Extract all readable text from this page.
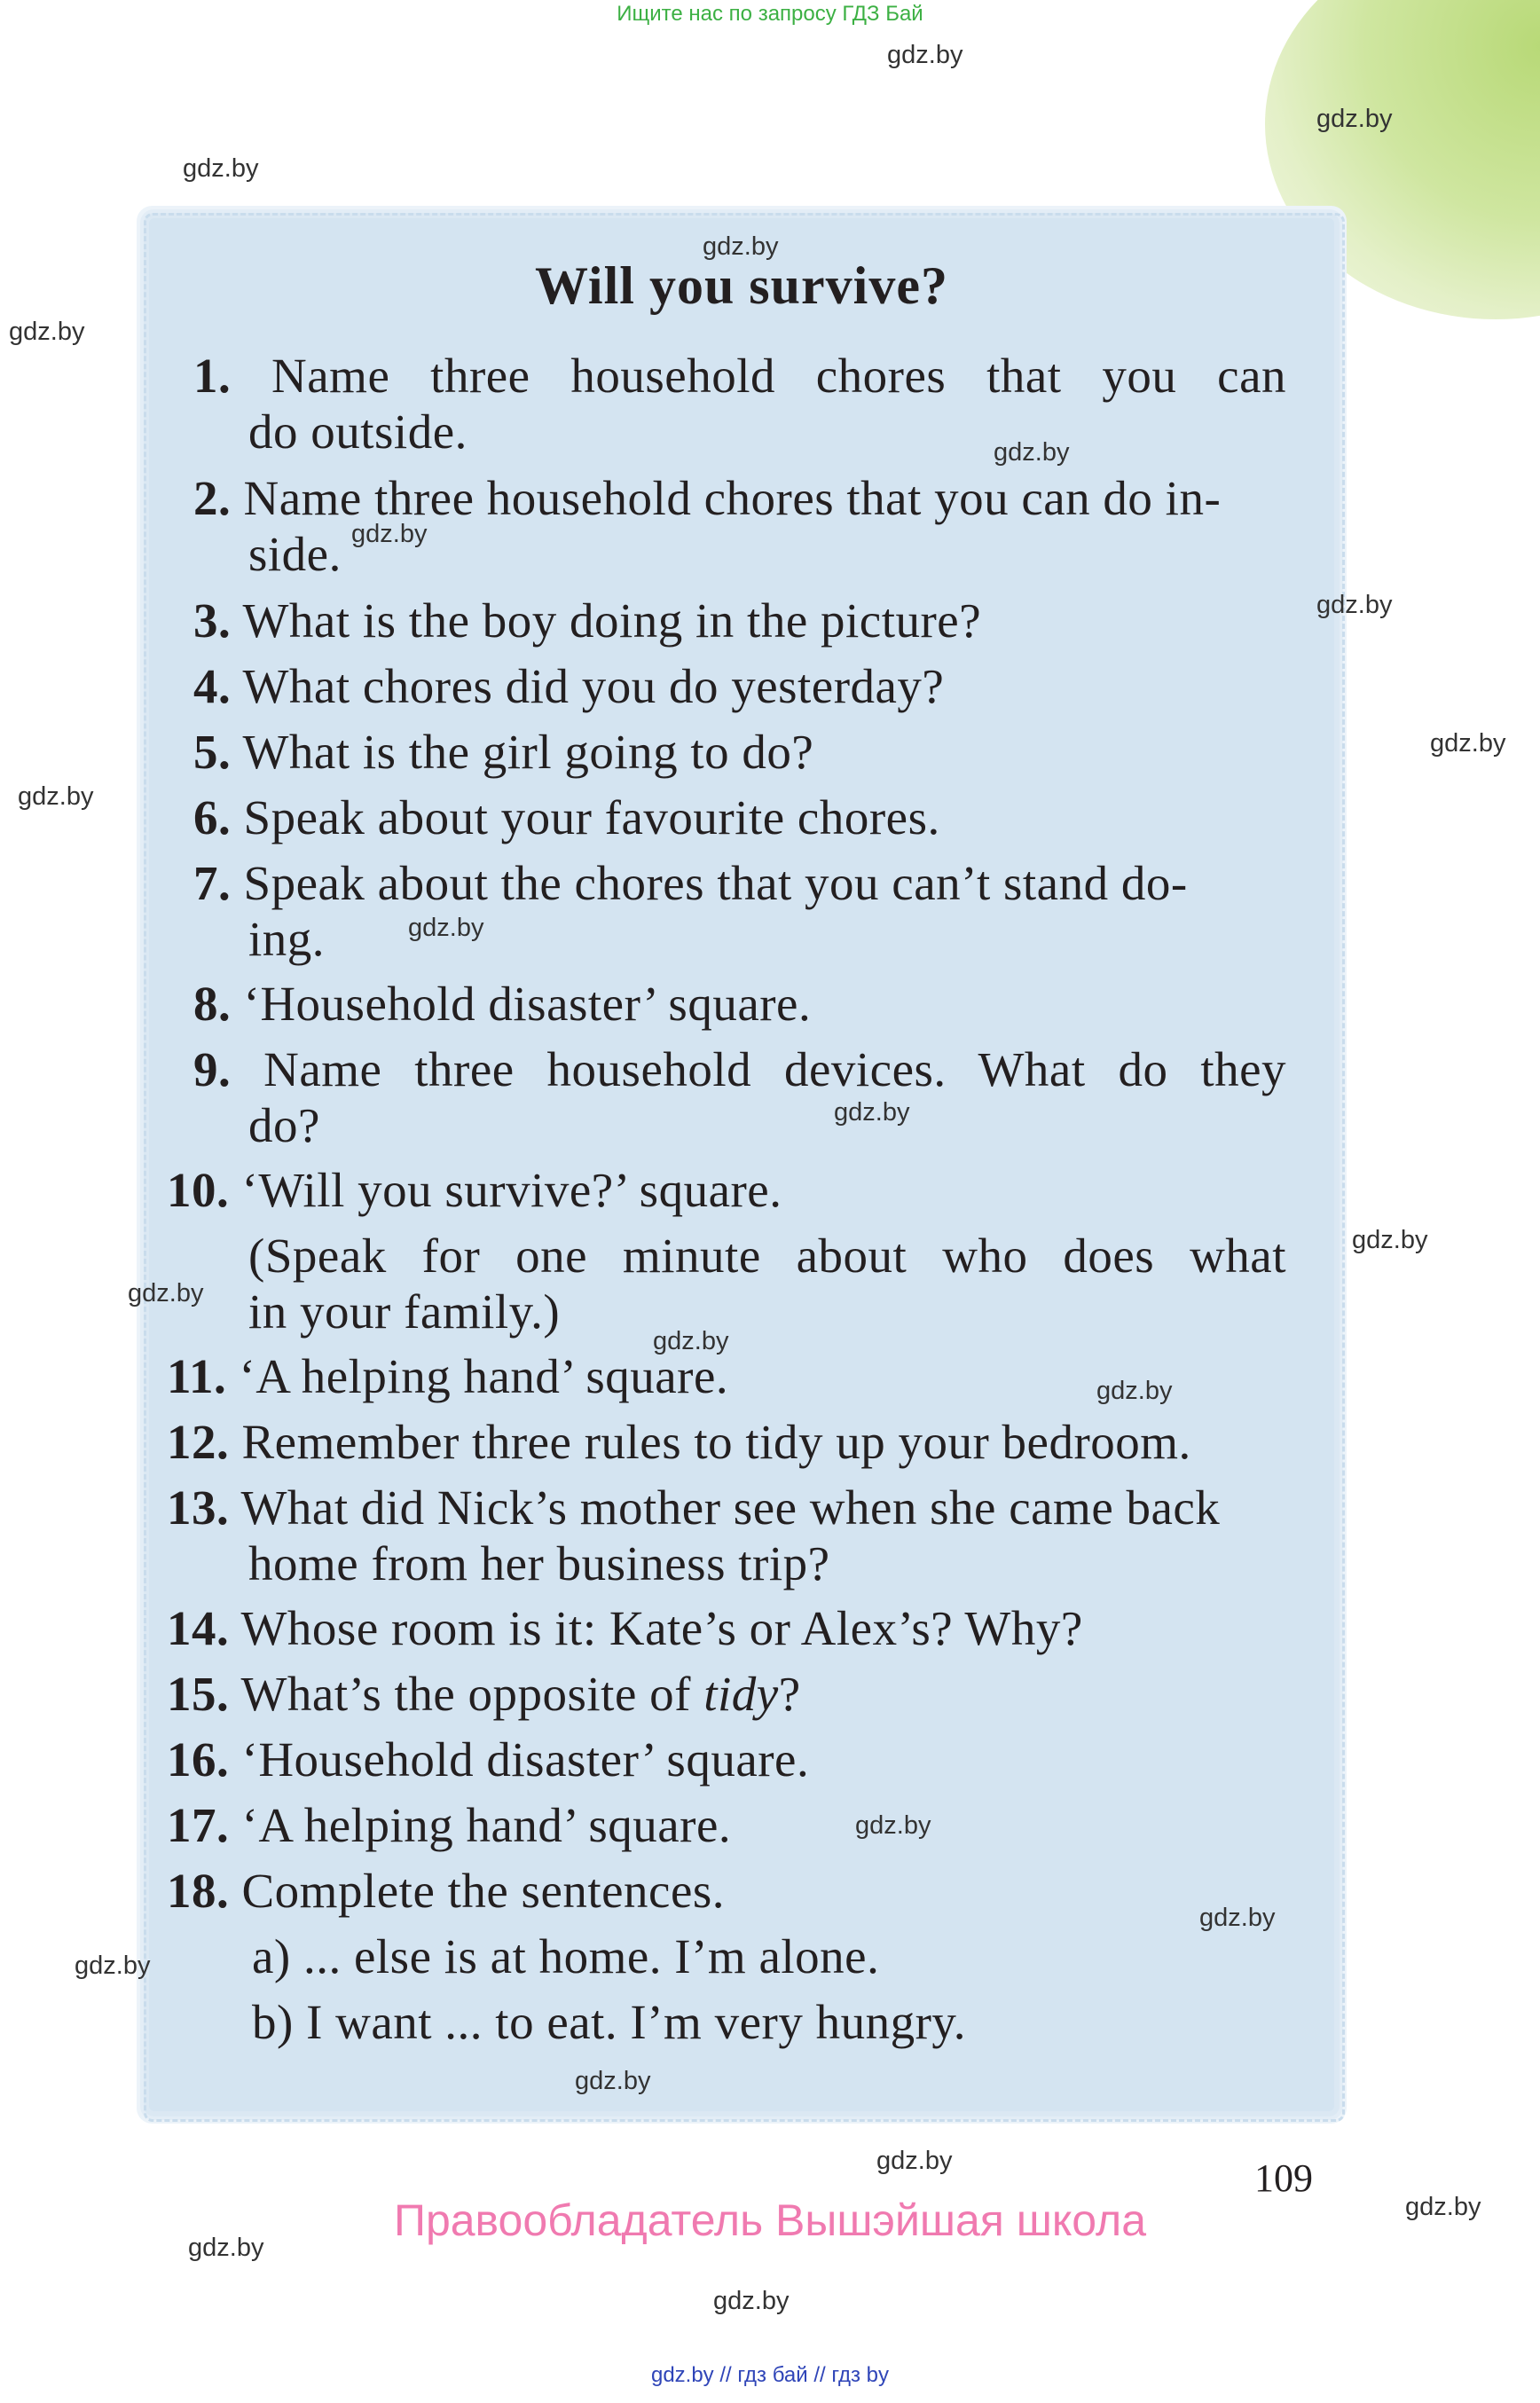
Ищите нас по запросу ГДЗ Бай
Will you survive?
1. Name three household chores that you can
do outside.
2. Name three household chores that you can do in-
side.
3. What is the boy doing in the picture?
4. What chores did you do yesterday?
5. What is the girl going to do?
6. Speak about your favourite chores.
7. Speak about the chores that you can’t stand do-
ing.
8. ‘Household disaster’ square.
9. Name three household devices. What do they
do?
10. ‘Will you survive?’ square.
(Speak for one minute about who does what
in your family.)
11. ‘A helping hand’ square.
12. Remember three rules to tidy up your bedroom.
13. What did Nick’s mother see when she came back
home from her business trip?
14. Whose room is it: Kate’s or Alex’s? Why?
15. What’s the opposite of tidy?
16. ‘Household disaster’ square.
17. ‘A helping hand’ square.
18. Complete the sentences.
a) ... else is at home. I’m alone.
b) I want ... to eat. I’m very hungry.
109
Правообладатель Вышэйшая школа
gdz.by // гдз бай // гдз by
gdz.by
gdz.by
gdz.by
gdz.by
gdz.by
gdz.by
gdz.by
gdz.by
gdz.by
gdz.by
gdz.by
gdz.by
gdz.by
gdz.by
gdz.by
gdz.by
gdz.by
gdz.by
gdz.by
gdz.by
gdz.by
gdz.by
gdz.by
gdz.by
